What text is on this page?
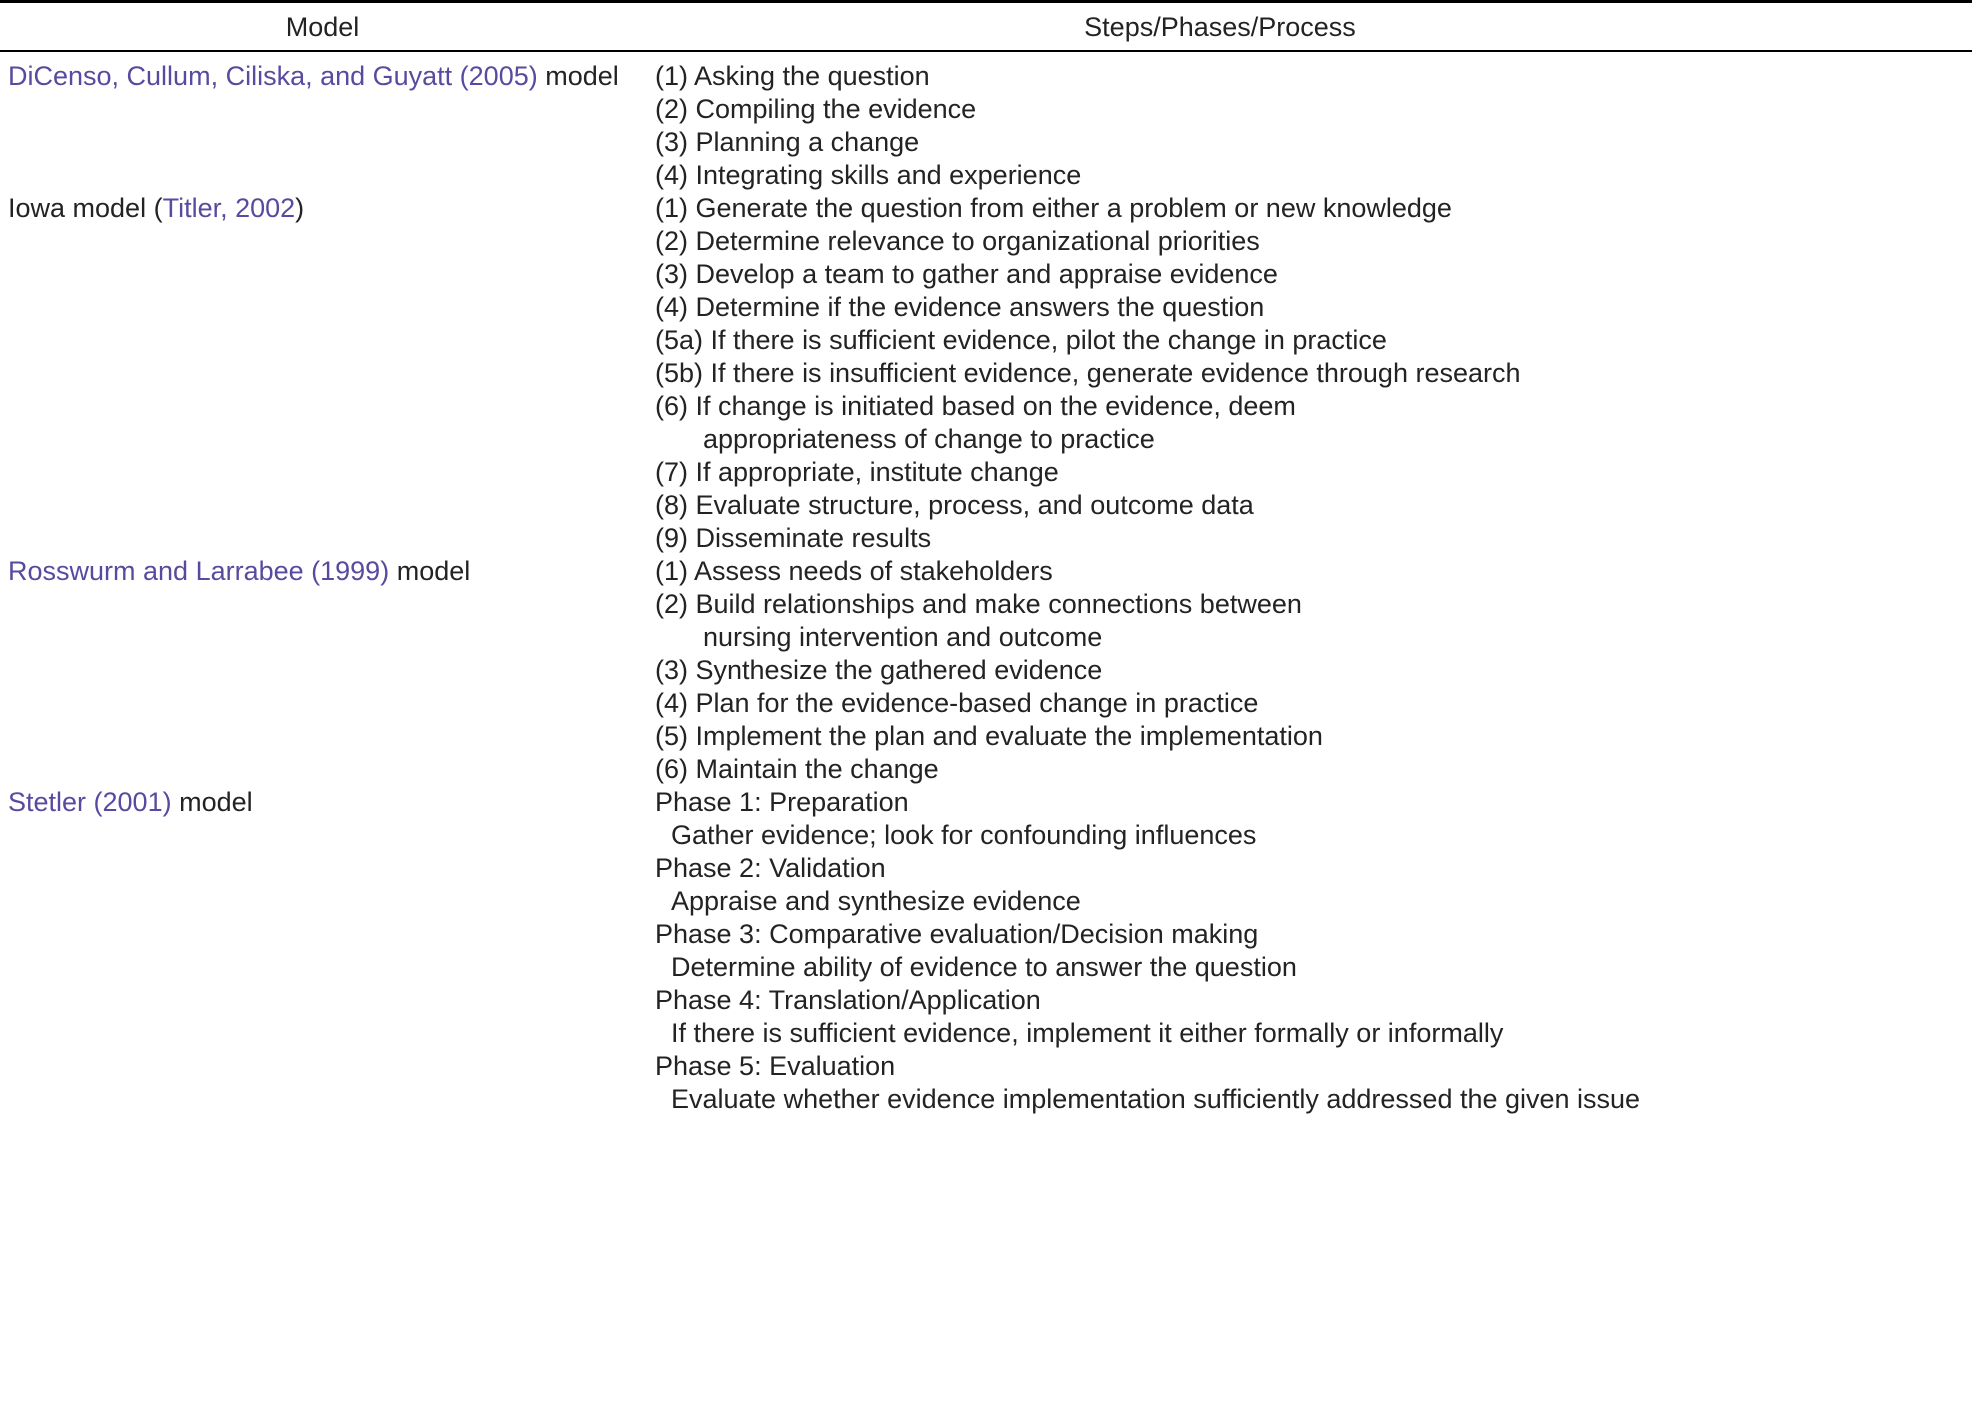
Model	Steps/Phases/Process
DiCenso, Cullum, Ciliska, and Guyatt (2005) model	(1) Asking the question
(2) Compiling the evidence
(3) Planning a change
(4) Integrating skills and experience
Iowa model (Titler, 2002)	(1) Generate the question from either a problem or new knowledge
(2) Determine relevance to organizational priorities
(3) Develop a team to gather and appraise evidence
(4) Determine if the evidence answers the question
(5a) If there is sufficient evidence, pilot the change in practice
(5b) If there is insufficient evidence, generate evidence through research
(6) If change is initiated based on the evidence, deem
appropriateness of change to practice
(7) If appropriate, institute change
(8) Evaluate structure, process, and outcome data
(9) Disseminate results
Rosswurm and Larrabee (1999) model	(1) Assess needs of stakeholders
(2) Build relationships and make connections between
nursing intervention and outcome
(3) Synthesize the gathered evidence
(4) Plan for the evidence-based change in practice
(5) Implement the plan and evaluate the implementation
(6) Maintain the change
Stetler (2001) model	Phase 1: Preparation
Gather evidence; look for confounding influences
Phase 2: Validation
Appraise and synthesize evidence
Phase 3: Comparative evaluation/Decision making
Determine ability of evidence to answer the question
Phase 4: Translation/Application
If there is sufficient evidence, implement it either formally or informally
Phase 5: Evaluation
Evaluate whether evidence implementation sufficiently addressed the given issue
